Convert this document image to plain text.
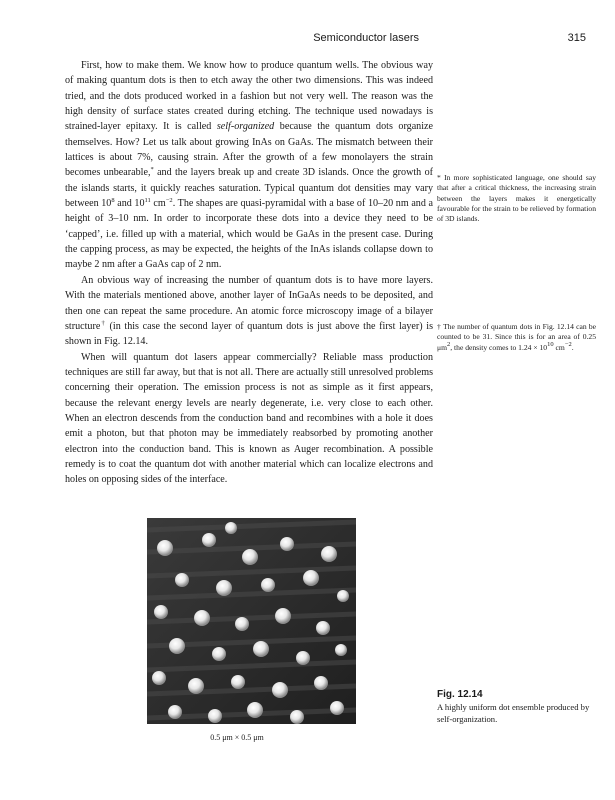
Semiconductor lasers	315

First, how to make them. We know how to produce quantum wells. The obvious way of making quantum dots is then to etch away the other two dimensions. This was indeed tried, and the dots produced worked in a fashion but not very well. The reason was the high density of surface states created during etching. The technique used nowadays is strained-layer epitaxy. It is called self-organized because the quantum dots organize themselves. How? Let us talk about growing InAs on GaAs. The mismatch between their lattices is about 7%, causing strain. After the growth of a few monolayers the strain becomes unbearable,* and the layers break up and create 3D islands. Once the growth of the islands starts, it quickly reaches saturation. Typical quantum dot densities may vary between $10^8$ and $10^{11}$ $cm^{-2}$. The shapes are quasi-pyramidal with a base of 10–20 nm and a height of 3–10 nm. In order to incorporate these dots into a device they need to be ‘capped’, i.e. filled up with a material, which would be GaAs in the present case. During the capping process, as may be expected, the heights of the InAs islands collapse down to maybe 2 nm after a GaAs cap of 2 nm.

An obvious way of increasing the number of quantum dots is to have more layers. With the materials mentioned above, another layer of InGaAs needs to be deposited, and then one can repeat the same procedure. An atomic force microscopy image of a bilayer structure† (in this case the second layer of quantum dots is just above the first layer) is shown in Fig. 12.14.

When will quantum dot lasers appear commercially? Reliable mass production techniques are still far away, but that is not all. There are actually still unresolved problems concerning their operation. The emission process is not as simple as it first appears, because the relevant energy levels are nearly degenerate, i.e. very close to each other. When an electron descends from the conduction band and recombines with a hole it does emit a photon, but that photon may be immediately reabsorbed by promoting another electron into the conduction band. This is known as Auger recombination. A possible remedy is to coat the quantum dot with another material which can localize electrons and holes on opposing sides of the interface.

* In more sophisticated language, one should say that after a critical thickness, the increasing strain between the layers makes it energetically favourable for the strain to be relieved by formation of 3D islands.
† The number of quantum dots in Fig. 12.14 can be counted to be 31. Since this is for an area of 0.25 $\mu m^2$, the density comes to $1.24 \times 10^{10}$ $cm^{-2}$.
0.5 μm × 0.5 μm
Fig. 12.14
A highly uniform dot ensemble produced by self-organization.
